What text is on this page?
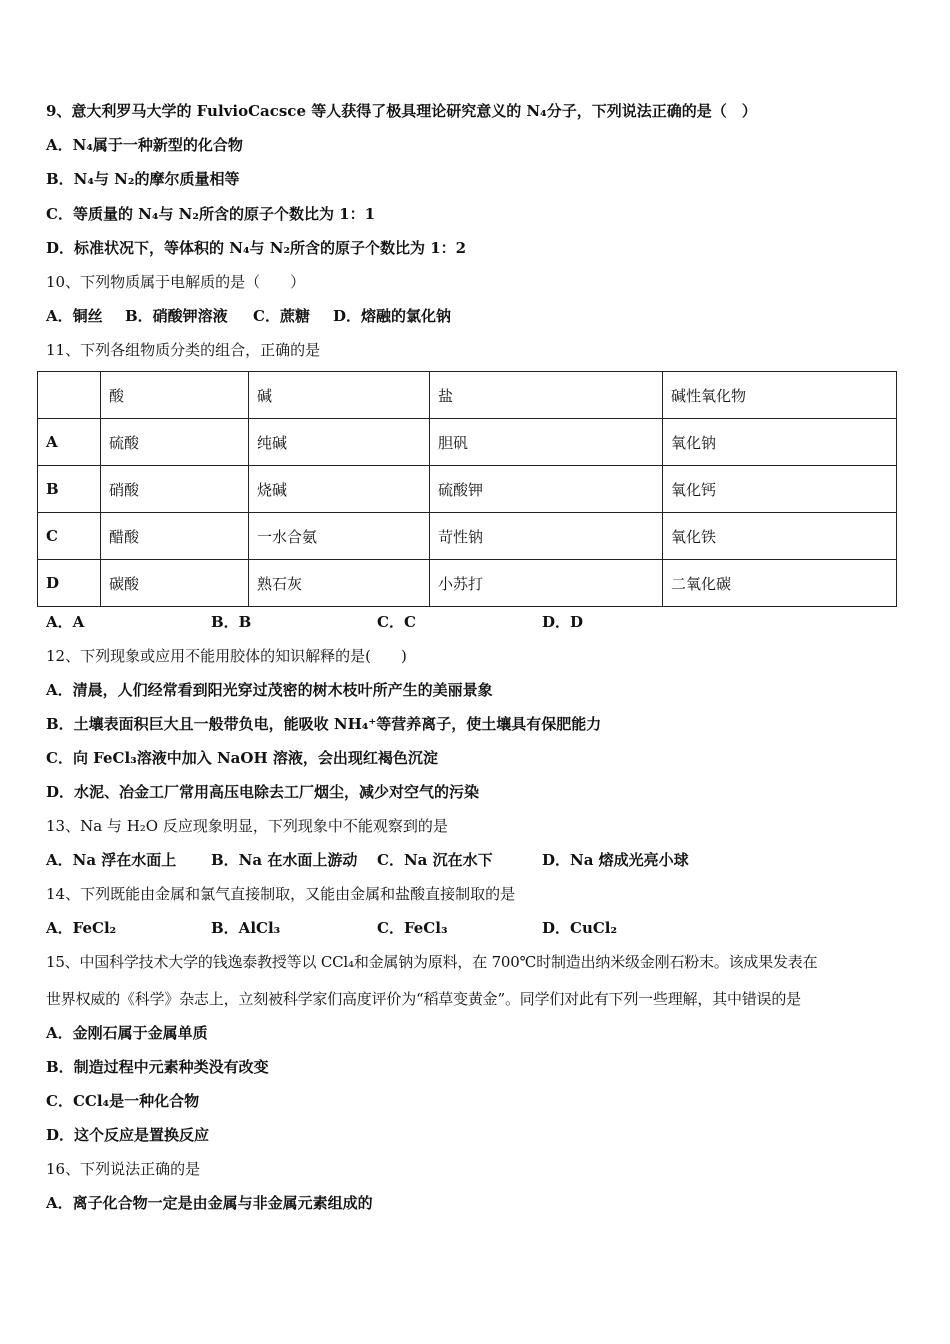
9、意大利罗马大学的 FulvioCacsce 等人获得了极具理论研究意义的 N₄分子，下列说法正确的是（　）
A．N₄属于一种新型的化合物
B．N₄与 N₂的摩尔质量相等
C．等质量的 N₄与 N₂所含的原子个数比为 1：1
D．标准状况下，等体积的 N₄与 N₂所含的原子个数比为 1：2
10、下列物质属于电解质的是（　　）
A．铜丝 B．硝酸钾溶液 C．蔗糖 D．熔融的氯化钠
11、下列各组物质分类的组合，正确的是
	酸	碱	盐	碱性氧化物
A	硫酸	纯碱	胆矾	氧化钠
B	硝酸	烧碱	硫酸钾	氧化钙
C	醋酸	一水合氨	苛性钠	氧化铁
D	碳酸	熟石灰	小苏打	二氧化碳
A．A	B．B	C．C	D．D
12、下列现象或应用不能用胶体的知识解释的是(　　)
A．清晨，人们经常看到阳光穿过茂密的树木枝叶所产生的美丽景象
B．土壤表面积巨大且一般带负电，能吸收 NH₄⁺等营养离子，使土壤具有保肥能力
C．向 FeCl₃溶液中加入 NaOH 溶液，会出现红褐色沉淀
D．水泥、冶金工厂常用高压电除去工厂烟尘，减少对空气的污染
13、Na 与 H₂O 反应现象明显，下列现象中不能观察到的是
A．Na 浮在水面上 B．Na 在水面上游动 C．Na 沉在水下	D．Na 熔成光亮小球
14、下列既能由金属和氯气直接制取，又能由金属和盐酸直接制取的是
A．FeCl₂	B．AlCl₃	C．FeCl₃	D．CuCl₂
15、中国科学技术大学的钱逸泰教授等以 CCl₄和金属钠为原料，在 700℃时制造出纳米级金刚石粉末。该成果发表在
世界权威的《科学》杂志上，立刻被科学家们高度评价为“稻草变黄金”。同学们对此有下列一些理解，其中错误的是
A．金刚石属于金属单质
B．制造过程中元素种类没有改变
C．CCl₄是一种化合物
D．这个反应是置换反应
16、下列说法正确的是
A．离子化合物一定是由金属与非金属元素组成的
